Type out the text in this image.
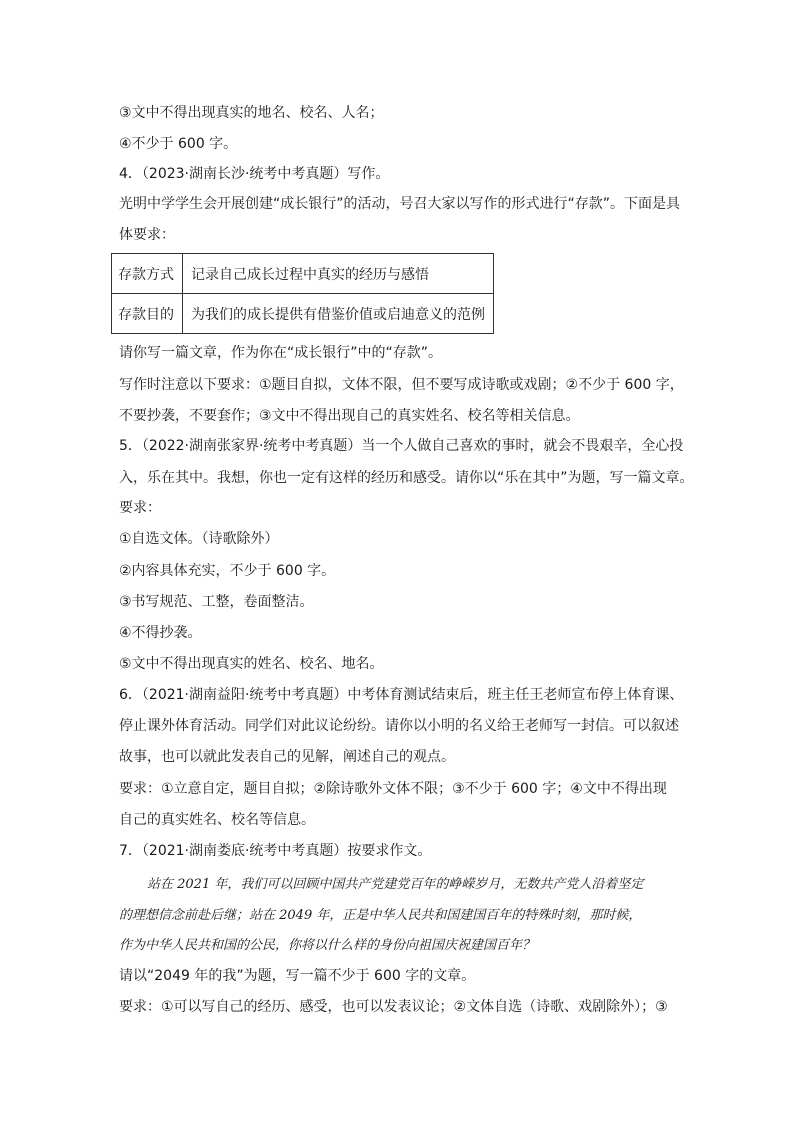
③文中不得出现真实的地名、校名、人名；
④不少于 600 字。
4．（2023·湖南长沙·统考中考真题）写作。
光明中学学生会开展创建“成长银行”的活动，号召大家以写作的形式进行“存款”。下面是具
体要求：
存款方式	记录自己成长过程中真实的经历与感悟
存款目的	为我们的成长提供有借鉴价值或启迪意义的范例
请你写一篇文章，作为你在“成长银行”中的“存款”。
写作时注意以下要求：①题目自拟，文体不限，但不要写成诗歌或戏剧；②不少于 600 字，
不要抄袭，不要套作；③文中不得出现自己的真实姓名、校名等相关信息。
5．（2022·湖南张家界·统考中考真题）当一个人做自己喜欢的事时，就会不畏艰辛，全心投
入，乐在其中。我想，你也一定有这样的经历和感受。请你以“乐在其中”为题，写一篇文章。
要求：
①自选文体。（诗歌除外）
②内容具体充实，不少于 600 字。
③书写规范、工整，卷面整洁。
④不得抄袭。
⑤文中不得出现真实的姓名、校名、地名。
6．（2021·湖南益阳·统考中考真题）中考体育测试结束后，班主任王老师宣布停上体育课、
停止课外体育活动。同学们对此议论纷纷。请你以小明的名义给王老师写一封信。可以叙述
故事，也可以就此发表自己的见解，阐述自己的观点。
要求：①立意自定，题目自拟；②除诗歌外文体不限；③不少于 600 字；④文中不得出现
自己的真实姓名、校名等信息。
7．（2021·湖南娄底·统考中考真题）按要求作文。
站在 2021 年，我们可以回顾中国共产党建党百年的峥嵘岁月，无数共产党人沿着坚定
的理想信念前赴后继；站在 2049 年，正是中华人民共和国建国百年的特殊时刻，那时候，
作为中华人民共和国的公民，你将以什么样的身份向祖国庆祝建国百年？
请以“2049 年的我”为题，写一篇不少于 600 字的文章。
要求：①可以写自己的经历、感受，也可以发表议论；②文体自选（诗歌、戏剧除外）；③
